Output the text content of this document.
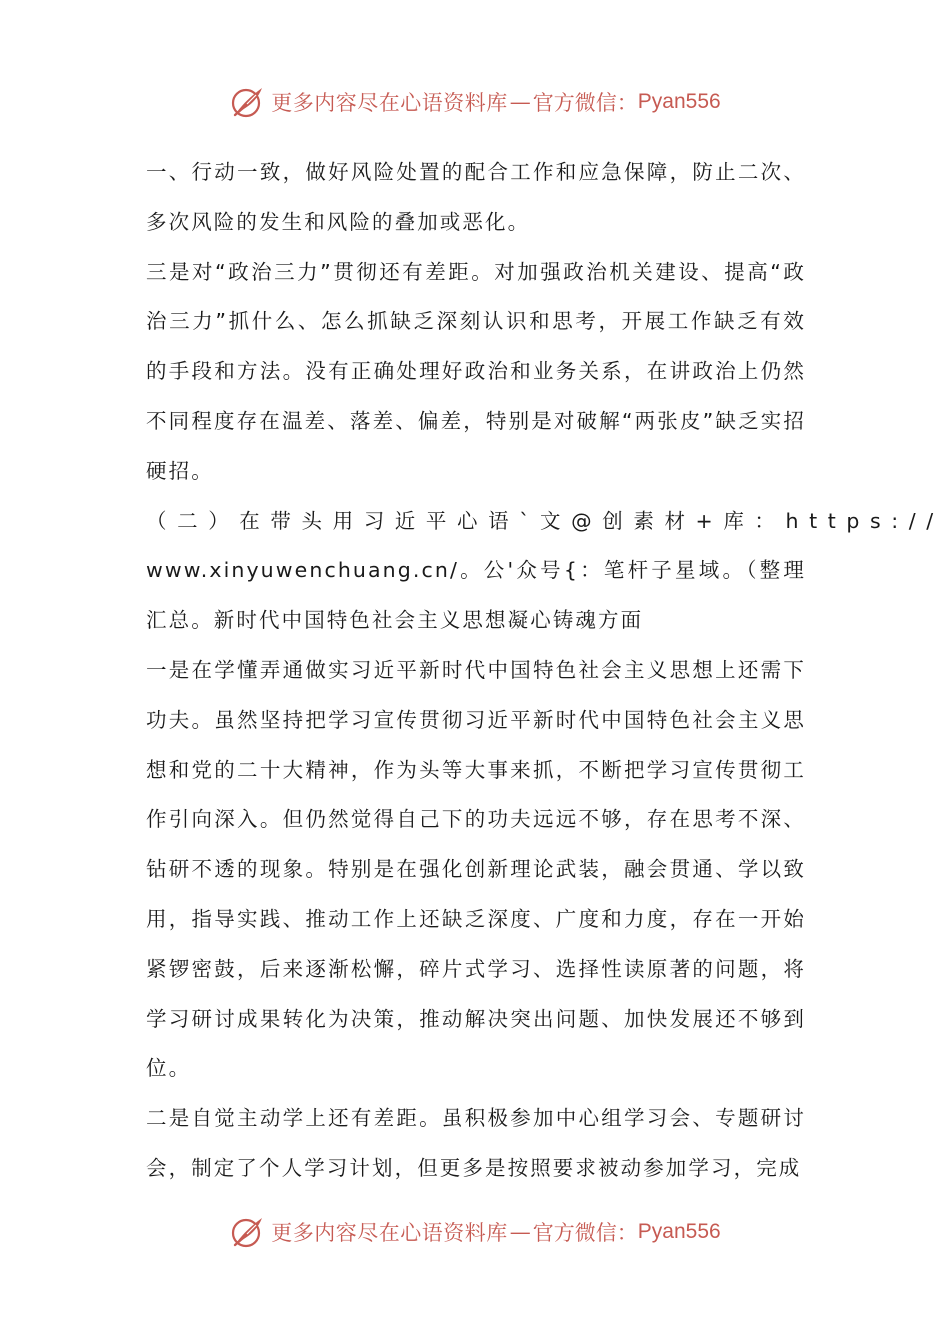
更多内容尽在心语资料库 — 官方微信： Pyan556

一、行动一致，做好风险处置的配合工作和应急保障，防止二次、多次风险的发生和风险的叠加或恶化。

三是对“政治三力”贯彻还有差距。对加强政治机关建设、提高“政治三力”抓什么、怎么抓缺乏深刻认识和思考，开展工作缺乏有效的手段和方法。没有正确处理好政治和业务关系，在讲政治上仍然不同程度存在温差、落差、偏差，特别是对破解“两张皮”缺乏实招硬招。

（二）在带头用习近平心语`文@创素材+库：https://

www.xinyuwenchuang.cn/。公'众号{：笔杆子星域。（整理汇总。新时代中国特色社会主义思想凝心铸魂方面

一是在学懂弄通做实习近平新时代中国特色社会主义思想上还需下功夫。虽然坚持把学习宣传贯彻习近平新时代中国特色社会主义思想和党的二十大精神，作为头等大事来抓，不断把学习宣传贯彻工作引向深入。但仍然觉得自己下的功夫远远不够，存在思考不深、钻研不透的现象。特别是在强化创新理论武装，融会贯通、学以致用，指导实践、推动工作上还缺乏深度、广度和力度，存在一开始紧锣密鼓，后来逐渐松懈，碎片式学习、选择性读原著的问题，将学习研讨成果转化为决策，推动解决突出问题、加快发展还不够到位。

二是自觉主动学上还有差距。虽积极参加中心组学习会、专题研讨会，制定了个人学习计划，但更多是按照要求被动参加学习，完成

更多内容尽在心语资料库 — 官方微信： Pyan556
